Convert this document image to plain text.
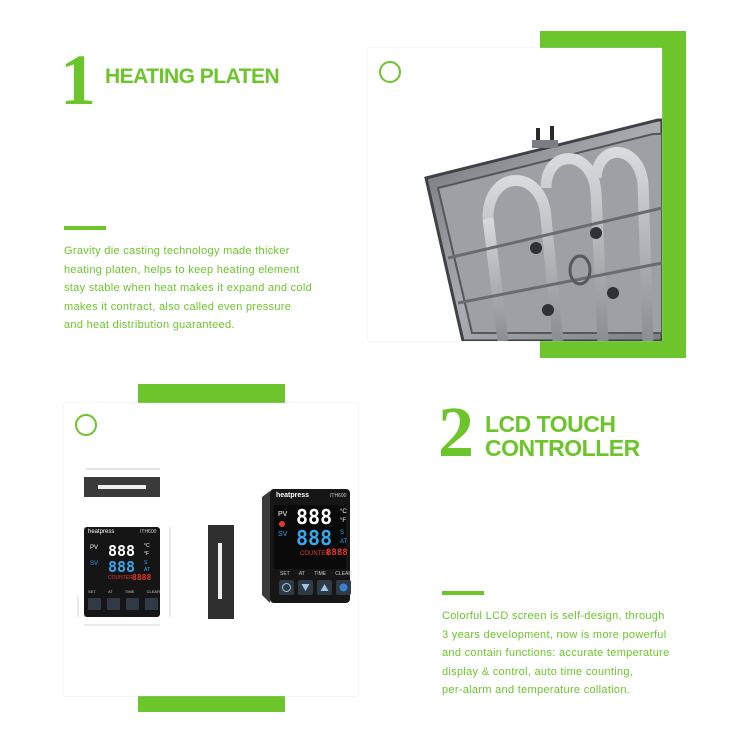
1 HEATING PLATEN

Gravity die casting technology made thicker

heating platen, helps to keep heating element

stay stable when heat makes it expand and cold

makes it contract, also called even pressure

and heat distribution guaranteed.

heatpress	ITH600
PV 888 °C
°F
SV 888 S
AT
COUNTER 8888
SET	AT	TIME	CLEAR
heatpress	ITH600
PV 888 °C
°F
SV 888 S
AT
COUNTER
8888
SET AT TIME CLEAR
2 LCD TOUCH
CONTROLLER

Colorful LCD screen is self-design, through

3 years development, now is more powerful

and contain functions: accurate temperature

display & control, auto time counting,

per-alarm and temperature collation.
